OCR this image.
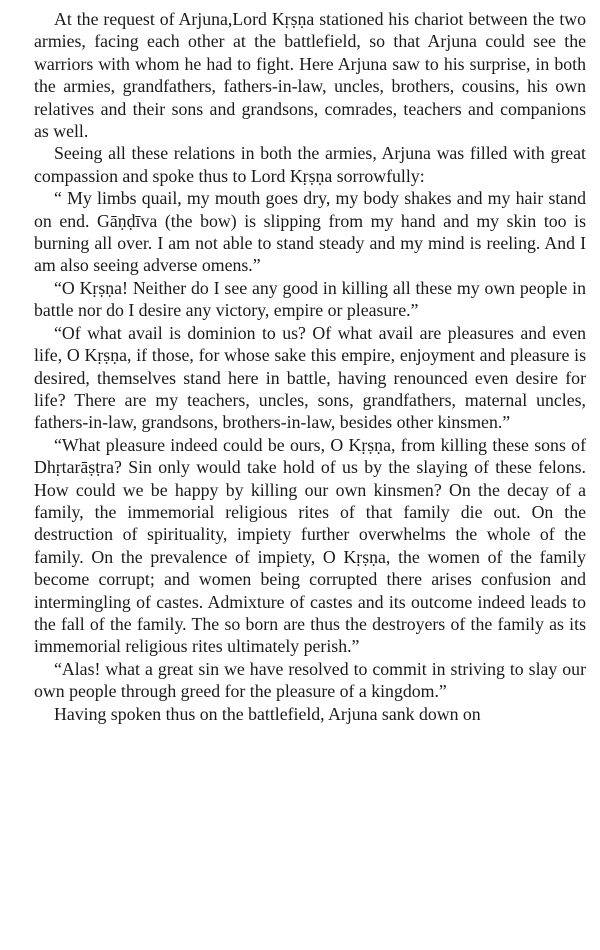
At the request of Arjuna,Lord Kṛṣṇa stationed his chariot between the two armies, facing each other at the battlefield, so that Arjuna could see the warriors with whom he had to fight. Here Arjuna saw to his surprise, in both the armies, grandfathers, fathers-in-law, uncles, brothers, cousins, his own relatives and their sons and grandsons, comrades, teachers and companions as well.

Seeing all these relations in both the armies, Arjuna was filled with great compassion and spoke thus to Lord Kṛṣṇa sorrowfully:

“ My limbs quail, my mouth goes dry, my body shakes and my hair stand on end. Gāṇḍīva (the bow) is slipping from my hand and my skin too is burning all over. I am not able to stand steady and my mind is reeling. And I am also seeing adverse omens.”

“O Kṛṣṇa! Neither do I see any good in killing all these my own people in battle nor do I desire any victory, empire or pleasure.”

“Of what avail is dominion to us? Of what avail are pleasures and even life, O Kṛṣṇa, if those, for whose sake this empire, enjoyment and pleasure is desired, themselves stand here in battle, having renounced even desire for life? There are my teachers, uncles, sons, grandfathers, maternal uncles, fathers-in-law, grandsons, brothers-in-law, besides other kinsmen.”

“What pleasure indeed could be ours, O Kṛṣṇa, from killing these sons of Dhṛtarāṣṭra? Sin only would take hold of us by the slaying of these felons. How could we be happy by killing our own kinsmen? On the decay of a family, the immemorial religious rites of that family die out. On the destruction of spirituality, impiety further overwhelms the whole of the family. On the prevalence of impiety, O Kṛṣṇa, the women of the family become corrupt; and women being corrupted there arises confusion and intermingling of castes. Admixture of castes and its outcome indeed leads to the fall of the family. The so born are thus the destroyers of the family as its immemorial religious rites ultimately perish.”

“Alas! what a great sin we have resolved to commit in striving to slay our own people through greed for the pleasure of a kingdom.”

Having spoken thus on the battlefield, Arjuna sank down on
